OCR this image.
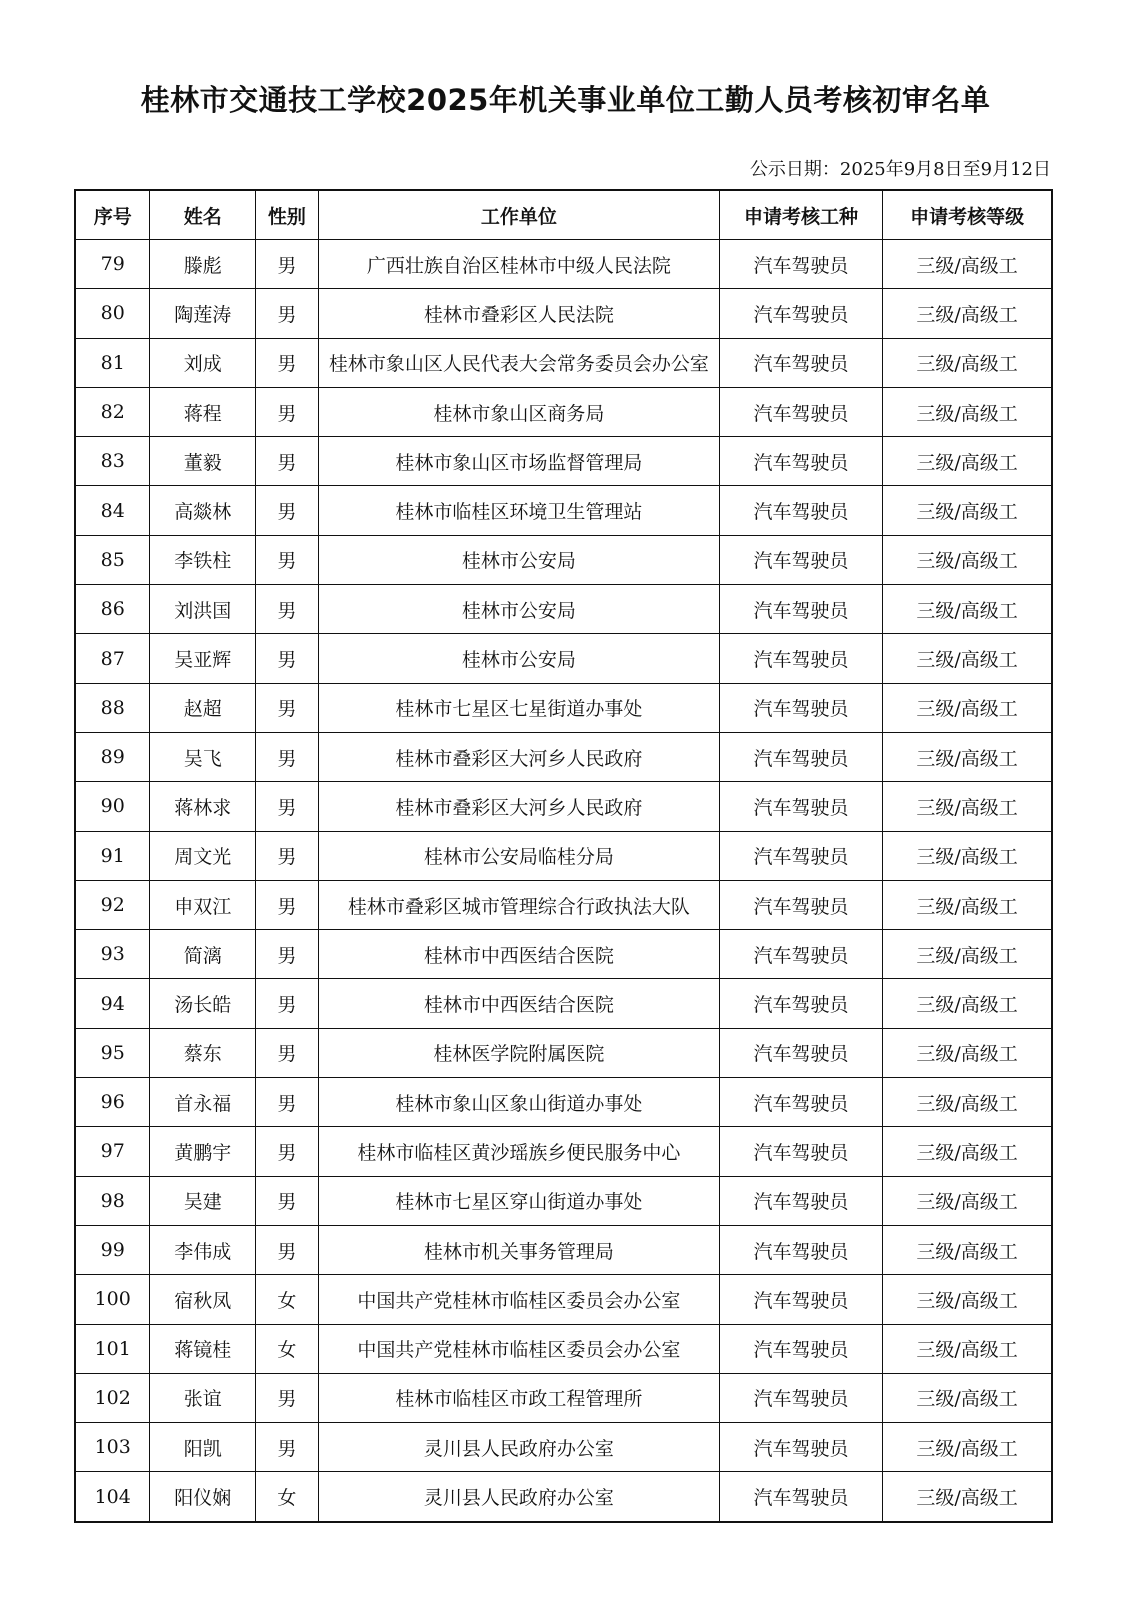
桂林市交通技工学校2025年机关事业单位工勤人员考核初审名单
公示日期：2025年9月8日至9月12日
序号	姓名	性别	工作单位	申请考核工种	申请考核等级
79	滕彪	男	广西壮族自治区桂林市中级人民法院	汽车驾驶员	三级/高级工
80	陶莲涛	男	桂林市叠彩区人民法院	汽车驾驶员	三级/高级工
81	刘成	男	桂林市象山区人民代表大会常务委员会办公室	汽车驾驶员	三级/高级工
82	蒋程	男	桂林市象山区商务局	汽车驾驶员	三级/高级工
83	董毅	男	桂林市象山区市场监督管理局	汽车驾驶员	三级/高级工
84	高燚林	男	桂林市临桂区环境卫生管理站	汽车驾驶员	三级/高级工
85	李铁柱	男	桂林市公安局	汽车驾驶员	三级/高级工
86	刘洪国	男	桂林市公安局	汽车驾驶员	三级/高级工
87	吴亚辉	男	桂林市公安局	汽车驾驶员	三级/高级工
88	赵超	男	桂林市七星区七星街道办事处	汽车驾驶员	三级/高级工
89	吴飞	男	桂林市叠彩区大河乡人民政府	汽车驾驶员	三级/高级工
90	蒋林求	男	桂林市叠彩区大河乡人民政府	汽车驾驶员	三级/高级工
91	周文光	男	桂林市公安局临桂分局	汽车驾驶员	三级/高级工
92	申双江	男	桂林市叠彩区城市管理综合行政执法大队	汽车驾驶员	三级/高级工
93	简漓	男	桂林市中西医结合医院	汽车驾驶员	三级/高级工
94	汤长皓	男	桂林市中西医结合医院	汽车驾驶员	三级/高级工
95	蔡东	男	桂林医学院附属医院	汽车驾驶员	三级/高级工
96	首永福	男	桂林市象山区象山街道办事处	汽车驾驶员	三级/高级工
97	黄鹏宇	男	桂林市临桂区黄沙瑶族乡便民服务中心	汽车驾驶员	三级/高级工
98	吴建	男	桂林市七星区穿山街道办事处	汽车驾驶员	三级/高级工
99	李伟成	男	桂林市机关事务管理局	汽车驾驶员	三级/高级工
100	宿秋凤	女	中国共产党桂林市临桂区委员会办公室	汽车驾驶员	三级/高级工
101	蒋镜桂	女	中国共产党桂林市临桂区委员会办公室	汽车驾驶员	三级/高级工
102	张谊	男	桂林市临桂区市政工程管理所	汽车驾驶员	三级/高级工
103	阳凯	男	灵川县人民政府办公室	汽车驾驶员	三级/高级工
104	阳仪娴	女	灵川县人民政府办公室	汽车驾驶员	三级/高级工
